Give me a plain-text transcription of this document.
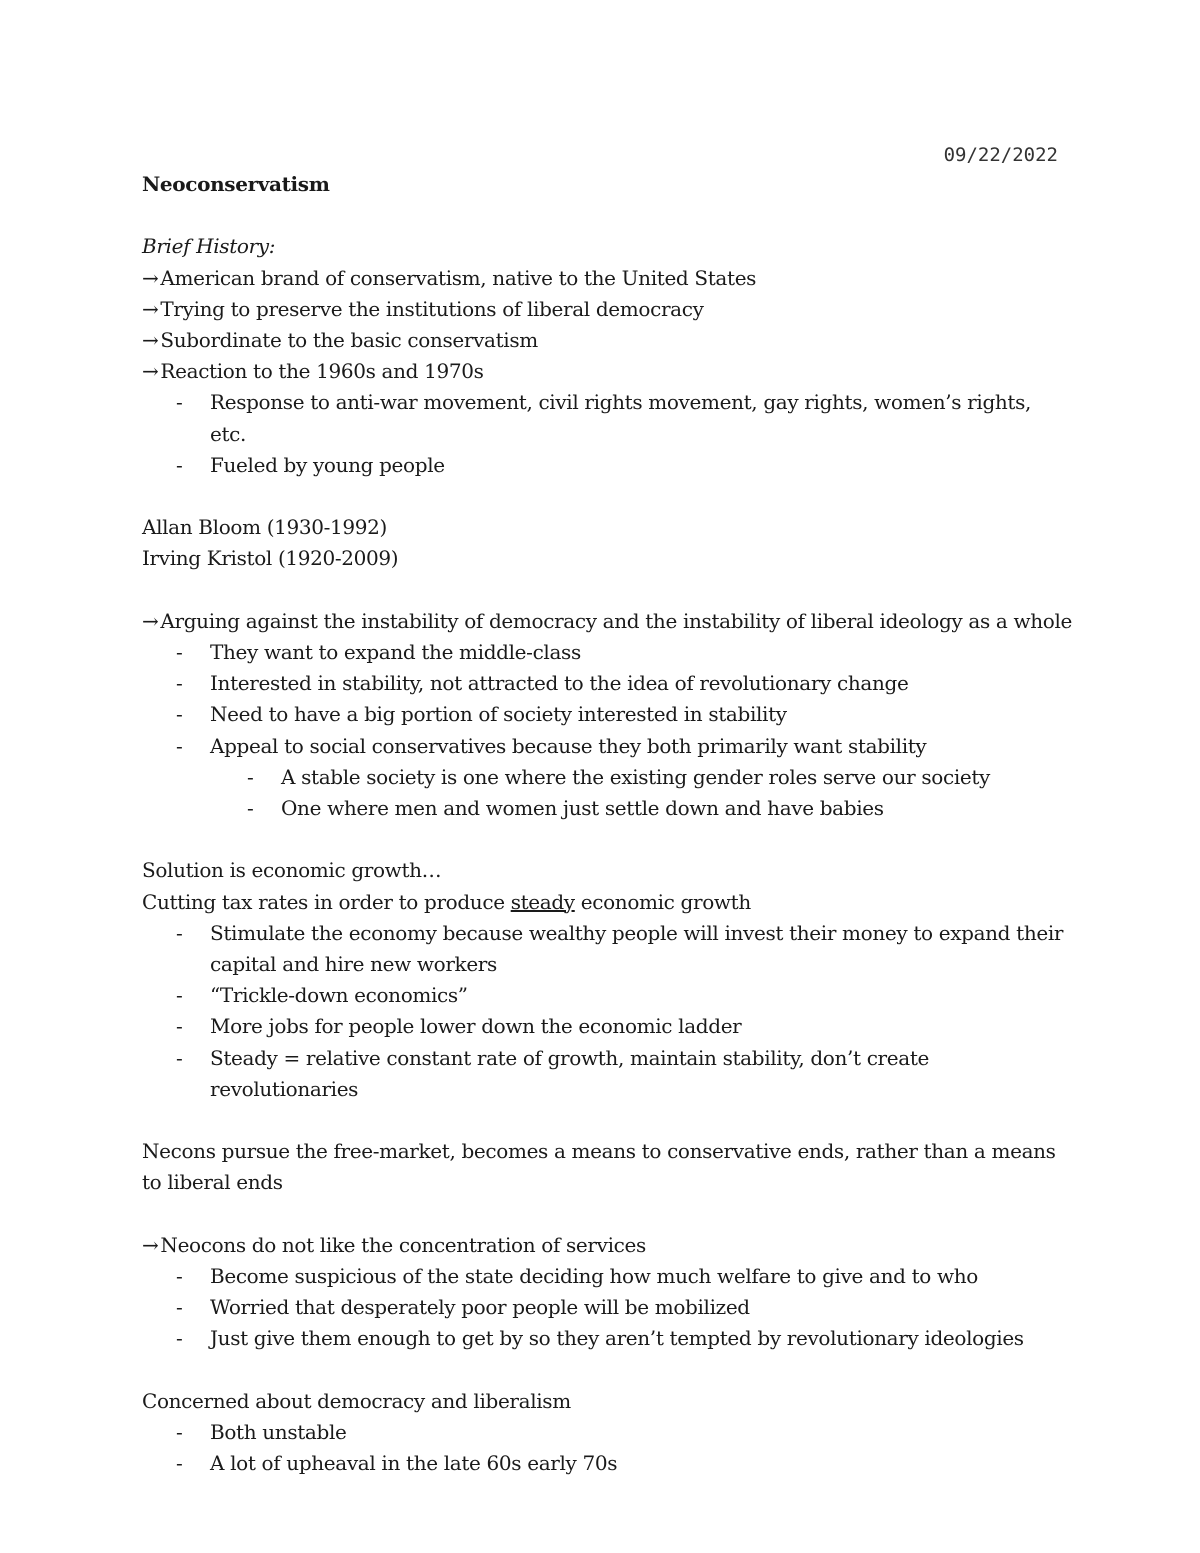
09/22/2022
Neoconservatism
Brief History:
→ American brand of conservatism, native to the United States
→ Trying to preserve the institutions of liberal democracy
→ Subordinate to the basic conservatism
→ Reaction to the 1960s and 1970s
-	Response to anti-war movement, civil rights movement, gay rights, women’s rights, etc.
-	Fueled by young people
Allan Bloom (1930-1992)
Irving Kristol (1920-2009)
→ Arguing against the instability of democracy and the instability of liberal ideology as a whole
-	They want to expand the middle-class
-	Interested in stability, not attracted to the idea of revolutionary change
-	Need to have a big portion of society interested in stability
-	Appeal to social conservatives because they both primarily want stability
-	A stable society is one where the existing gender roles serve our society
-	One where men and women just settle down and have babies
Solution is economic growth…
Cutting tax rates in order to produce steady economic growth
-	Stimulate the economy because wealthy people will invest their money to expand their capital and hire new workers
-	“Trickle-down economics”
-	More jobs for people lower down the economic ladder
-	Steady = relative constant rate of growth, maintain stability, don’t create revolutionaries
Necons pursue the free-market, becomes a means to conservative ends, rather than a means to liberal ends
→ Neocons do not like the concentration of services
-	Become suspicious of the state deciding how much welfare to give and to who
-	Worried that desperately poor people will be mobilized
-	Just give them enough to get by so they aren’t tempted by revolutionary ideologies
Concerned about democracy and liberalism
-	Both unstable
-	A lot of upheaval in the late 60s early 70s
